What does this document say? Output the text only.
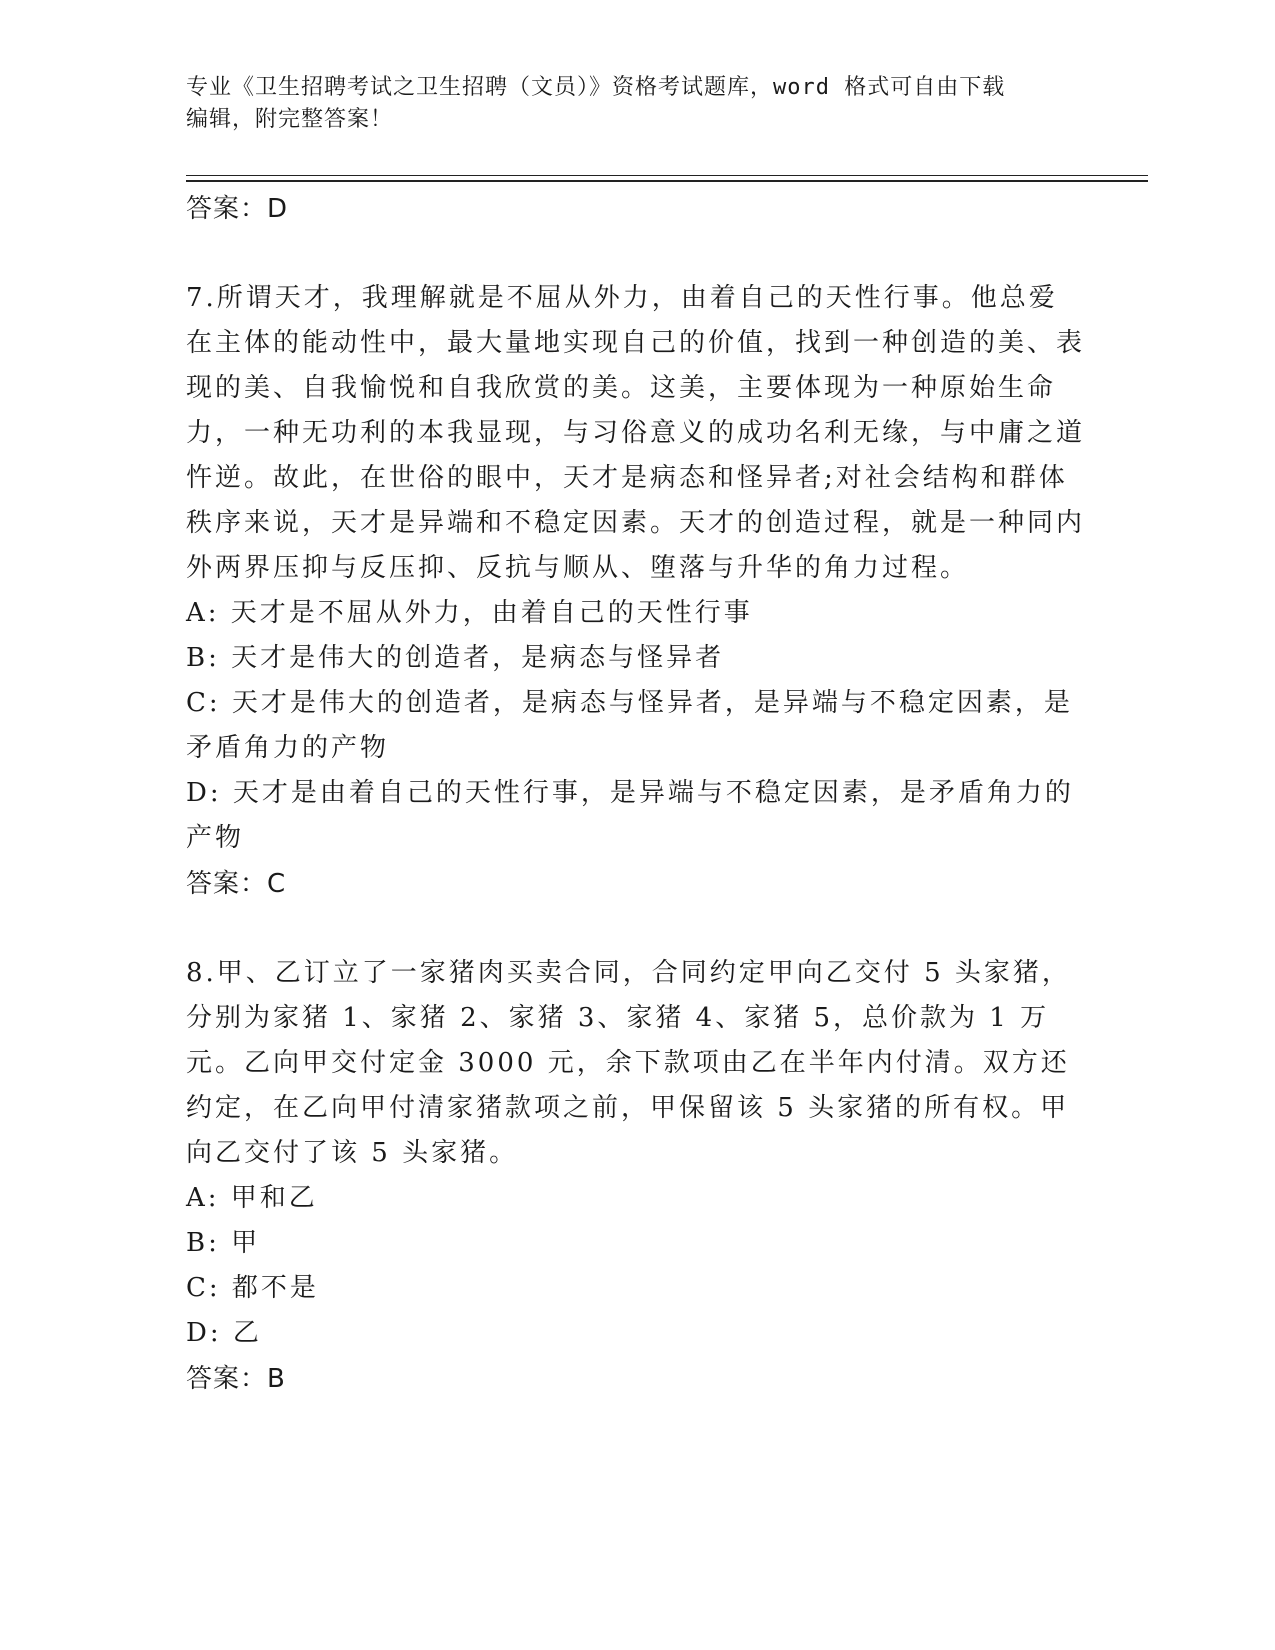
专业《卫生招聘考试之卫生招聘（文员）》资格考试题库，word 格式可自由下载
编辑，附完整答案！
答案：D
7.所谓天才，我理解就是不屈从外力，由着自己的天性行事。他总爱在主体的能动性中，最大量地实现自己的价值，找到一种创造的美、表现的美、自我愉悦和自我欣赏的美。这美，主要体现为一种原始生命力，一种无功利的本我显现，与习俗意义的成功名利无缘，与中庸之道忤逆。故此，在世俗的眼中，天才是病态和怪异者;对社会结构和群体秩序来说，天才是异端和不稳定因素。天才的创造过程，就是一种同内外两界压抑与反压抑、反抗与顺从、堕落与升华的角力过程。
A: 天才是不屈从外力，由着自己的天性行事
B: 天才是伟大的创造者，是病态与怪异者
C: 天才是伟大的创造者，是病态与怪异者，是异端与不稳定因素，是矛盾角力的产物
D: 天才是由着自己的天性行事，是异端与不稳定因素，是矛盾角力的产物
答案：C
8.甲、乙订立了一家猪肉买卖合同，合同约定甲向乙交付 5 头家猪，分别为家猪 1、家猪 2、家猪 3、家猪 4、家猪 5，总价款为 1 万元。乙向甲交付定金 3000 元，余下款项由乙在半年内付清。双方还约定，在乙向甲付清家猪款项之前，甲保留该 5 头家猪的所有权。甲向乙交付了该 5 头家猪。
A: 甲和乙
B: 甲
C: 都不是
D: 乙
答案：B
